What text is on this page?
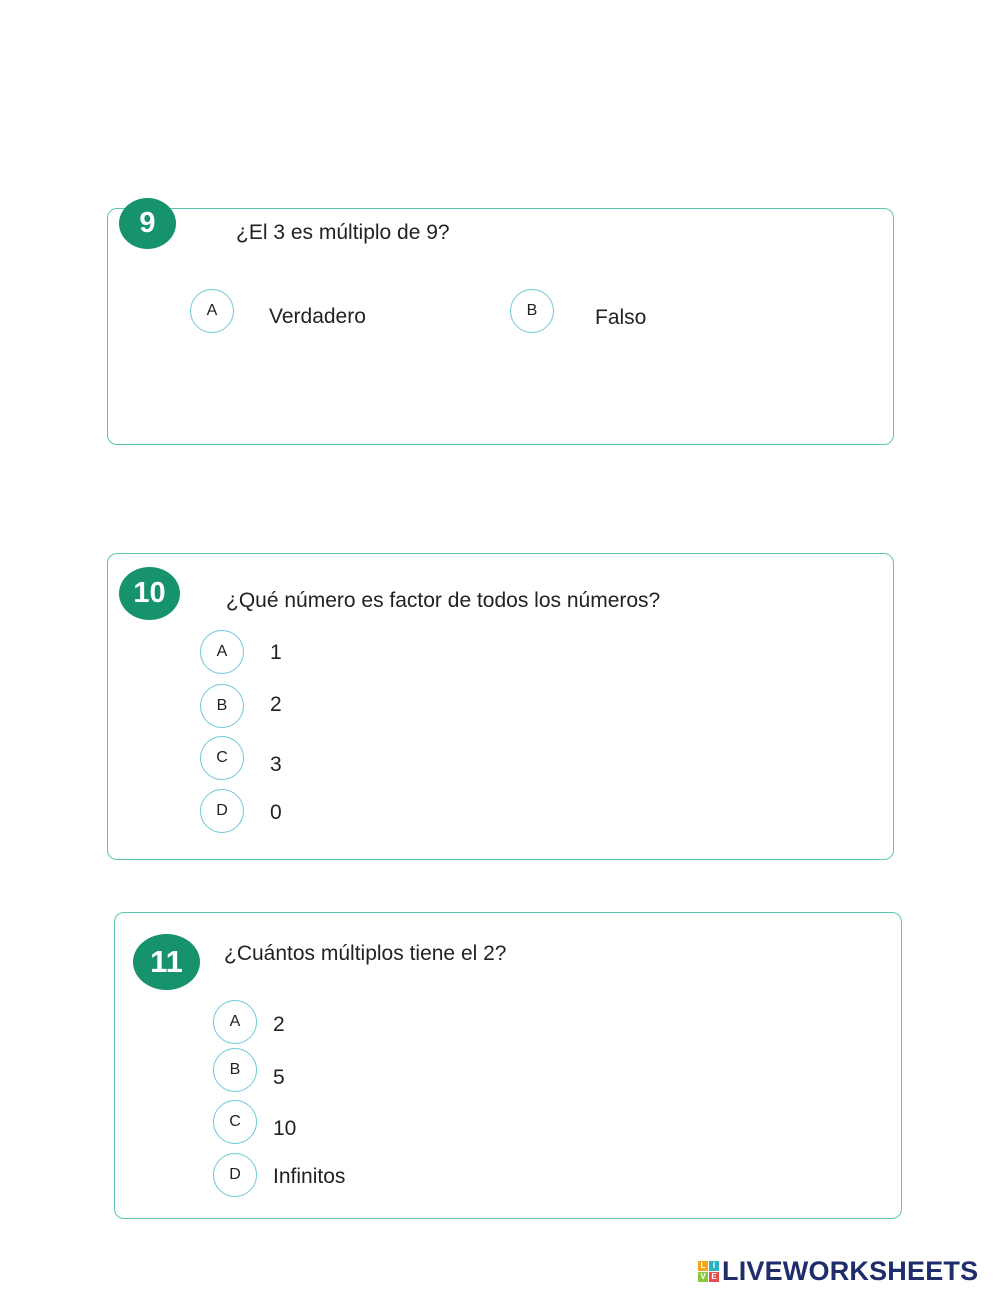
9	¿El 3 es múltiplo de 9?
A	Verdadero	B	Falso
10	¿Qué número es factor de todos los números?
A	1
B	2
C	3
D	0
11	¿Cuántos múltiplos tiene el 2?
A	2
B	5
C	10
D	Infinitos
L I
V E LIVEWORKSHEETS
